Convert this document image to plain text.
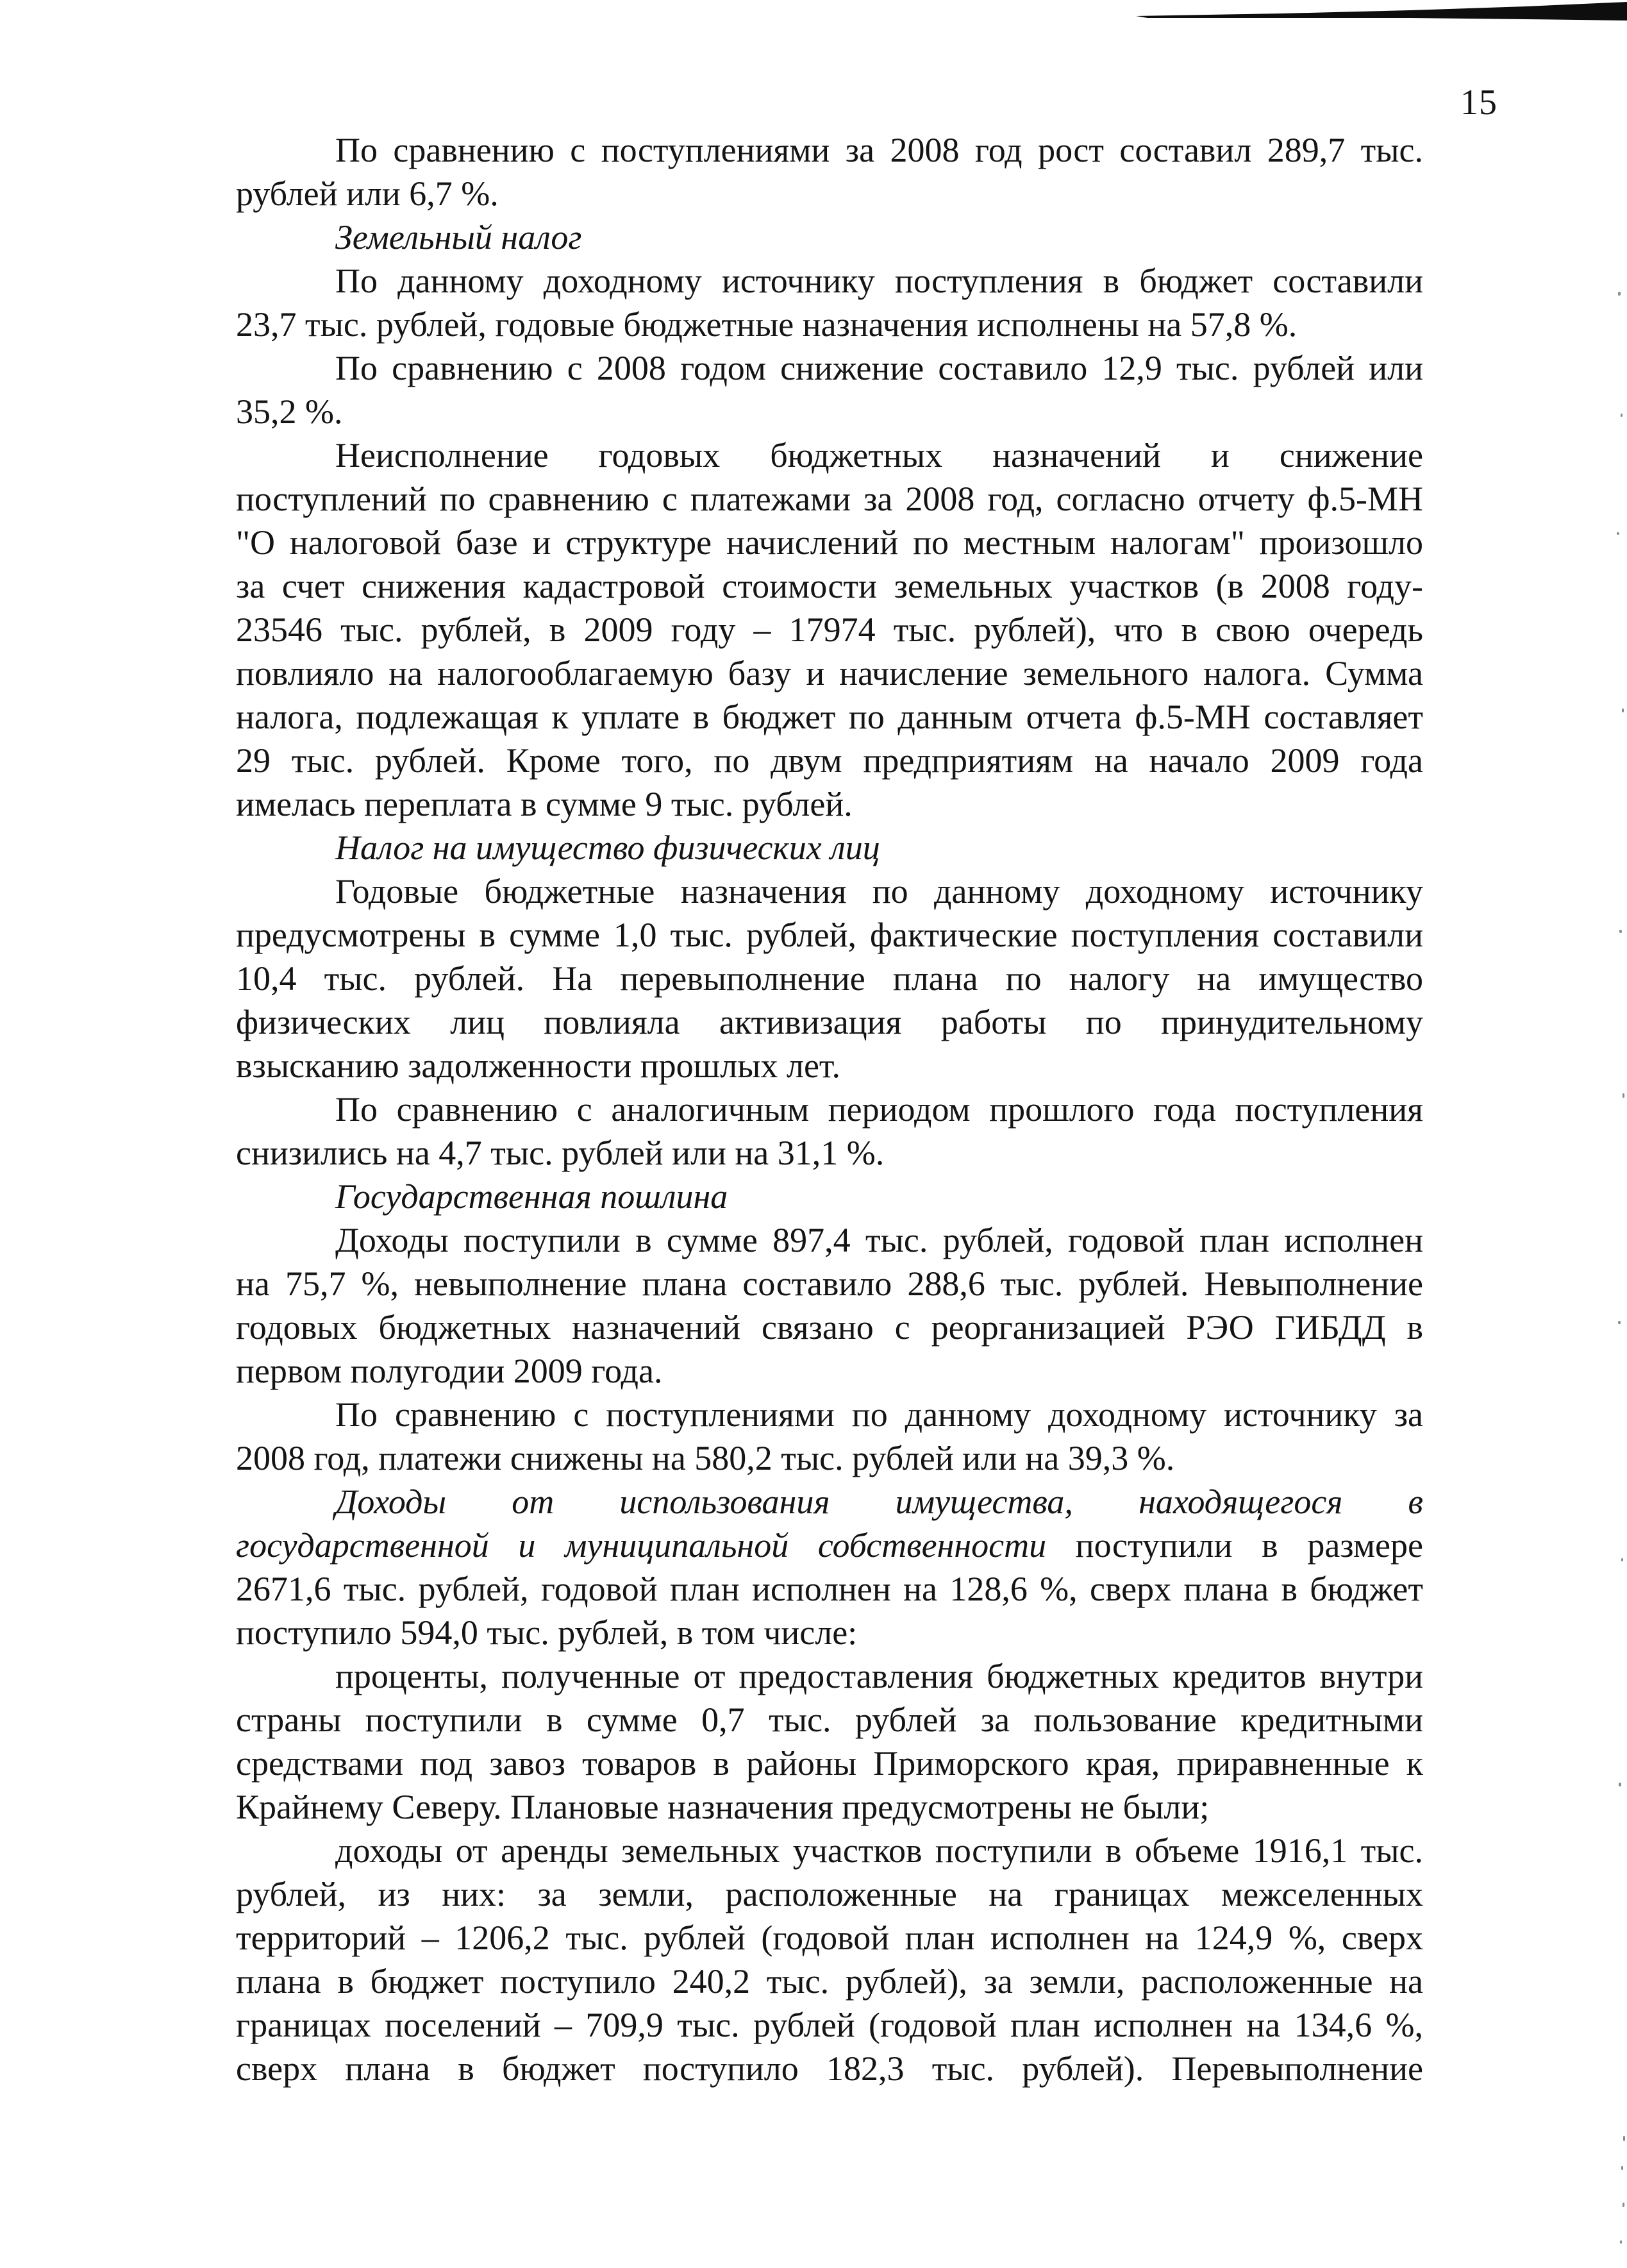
15
По сравнению с поступлениями за 2008 год рост составил 289,7 тыс.
рублей или 6,7 %.
Земельный налог
По данному доходному источнику поступления в бюджет составили
23,7 тыс. рублей, годовые бюджетные назначения исполнены на 57,8 %.
По сравнению с 2008 годом снижение составило 12,9 тыс. рублей или
35,2 %.
Неисполнение годовых бюджетных назначений и снижение
поступлений по сравнению с платежами за 2008 год, согласно отчету ф.5-МН
"О налоговой базе и структуре начислений по местным налогам" произошло
за счет снижения кадастровой стоимости земельных участков (в 2008 году-
23546 тыс. рублей, в 2009 году – 17974 тыс. рублей), что в свою очередь
повлияло на налогооблагаемую базу и начисление земельного налога. Сумма
налога, подлежащая к уплате в бюджет по данным отчета ф.5-МН составляет
29 тыс. рублей. Кроме того, по двум предприятиям на начало 2009 года
имелась переплата в сумме 9 тыс. рублей.
Налог на имущество физических лиц
Годовые бюджетные назначения по данному доходному источнику
предусмотрены в сумме 1,0 тыс. рублей, фактические поступления составили
10,4 тыс. рублей. На перевыполнение плана по налогу на имущество
физических лиц повлияла активизация работы по принудительному
взысканию задолженности прошлых лет.
По сравнению с аналогичным периодом прошлого года поступления
снизились на 4,7 тыс. рублей или на 31,1 %.
Государственная пошлина
Доходы поступили в сумме 897,4 тыс. рублей, годовой план исполнен
на 75,7 %, невыполнение плана составило 288,6 тыс. рублей. Невыполнение
годовых бюджетных назначений связано с реорганизацией РЭО ГИБДД в
первом полугодии 2009 года.
По сравнению с поступлениями по данному доходному источнику за
2008 год, платежи снижены на 580,2 тыс. рублей или на 39,3 %.
Доходы от использования имущества, находящегося в
государственной и муниципальной собственности поступили в размере
2671,6 тыс. рублей, годовой план исполнен на 128,6 %, сверх плана в бюджет
поступило 594,0 тыс. рублей, в том числе:
проценты, полученные от предоставления бюджетных кредитов внутри
страны поступили в сумме 0,7 тыс. рублей за пользование кредитными
средствами под завоз товаров в районы Приморского края, приравненные к
Крайнему Северу. Плановые назначения предусмотрены не были;
доходы от аренды земельных участков поступили в объеме 1916,1 тыс.
рублей, из них: за земли, расположенные на границах межселенных
территорий – 1206,2 тыс. рублей (годовой план исполнен на 124,9 %, сверх
плана в бюджет поступило 240,2 тыс. рублей), за земли, расположенные на
границах поселений – 709,9 тыс. рублей (годовой план исполнен на 134,6 %,
сверх плана в бюджет поступило 182,3 тыс. рублей). Перевыполнение
